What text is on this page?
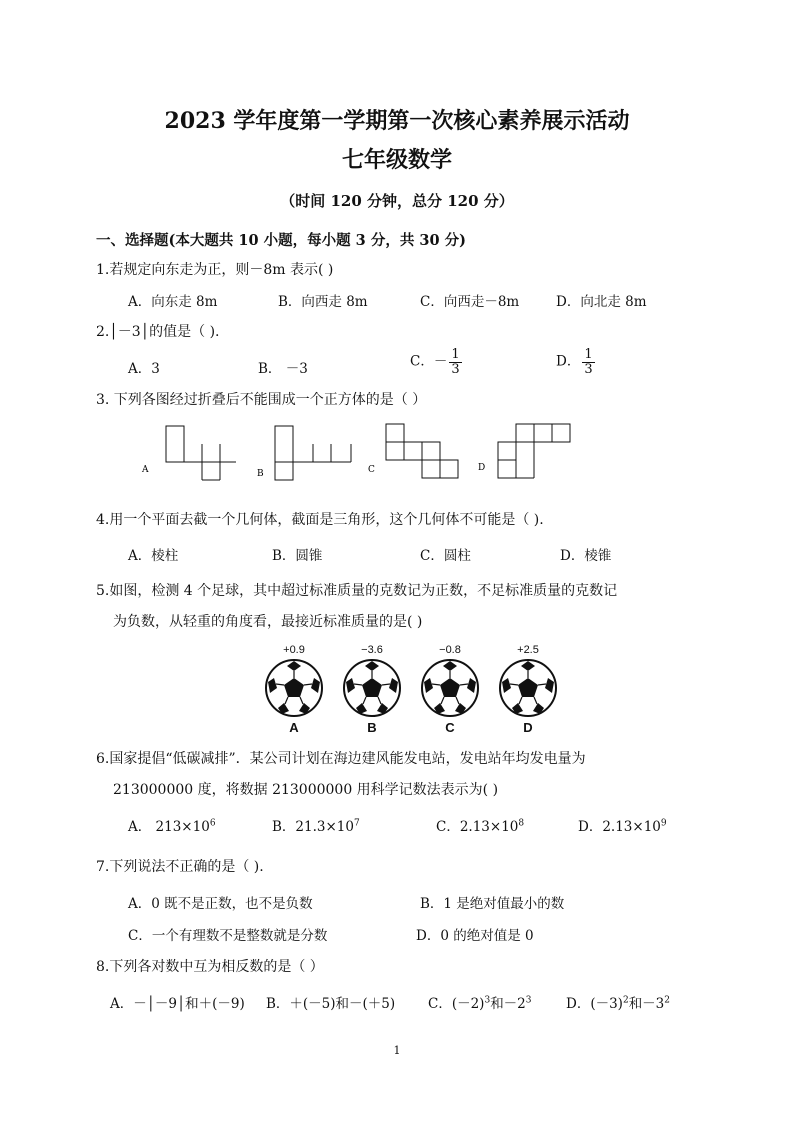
2023 学年度第一学期第一次核心素养展示活动
七年级数学
（时间 120 分钟，总分 120 分）
一、选择题(本大题共 10 小题，每小题 3 分，共 30 分)
1.若规定向东走为正，则－8m 表示( )
A．向东走 8m	B．向西走 8m	C．向西走－8m	D．向北走 8m
2.│－3│的值是（ ).
A．3	B． －3	C．－ $\frac{1}{3}$	D． $\frac{1}{3}$
3. 下列各图经过折叠后不能围成一个正方体的是（ ）
A	B	C	D
4.用一个平面去截一个几何体，截面是三角形，这个几何体不可能是（ ).
A．棱柱	B．圆锥	C．圆柱	D．棱锥
5.如图，检测 4 个足球，其中超过标准质量的克数记为正数，不足标准质量的克数记
为负数，从轻重的角度看，最接近标准质量的是( )
+0.9
A
−3.6
B
−0.8
C
+2.5
D
6.国家提倡“低碳减排”．某公司计划在海边建风能发电站，发电站年均发电量为
213000000 度，将数据 213000000 用科学记数法表示为( )
A． $213\times 10^6$	B．$21.3\times 10^7$	C．$2.13\times 10^8$	D．$2.13\times 10^9$
7.下列说法不正确的是（ ).
A．0 既不是正数，也不是负数	B．1 是绝对值最小的数
C．一个有理数不是整数就是分数	D．0 的绝对值是 0
8.下列各对数中互为相反数的是（ ）
A．－│－9│和＋(－9) B．＋(－5)和－(＋5) C．$(-2)^3$和$-2^3$	D．$(-3)^2$和$-3^2$
1
